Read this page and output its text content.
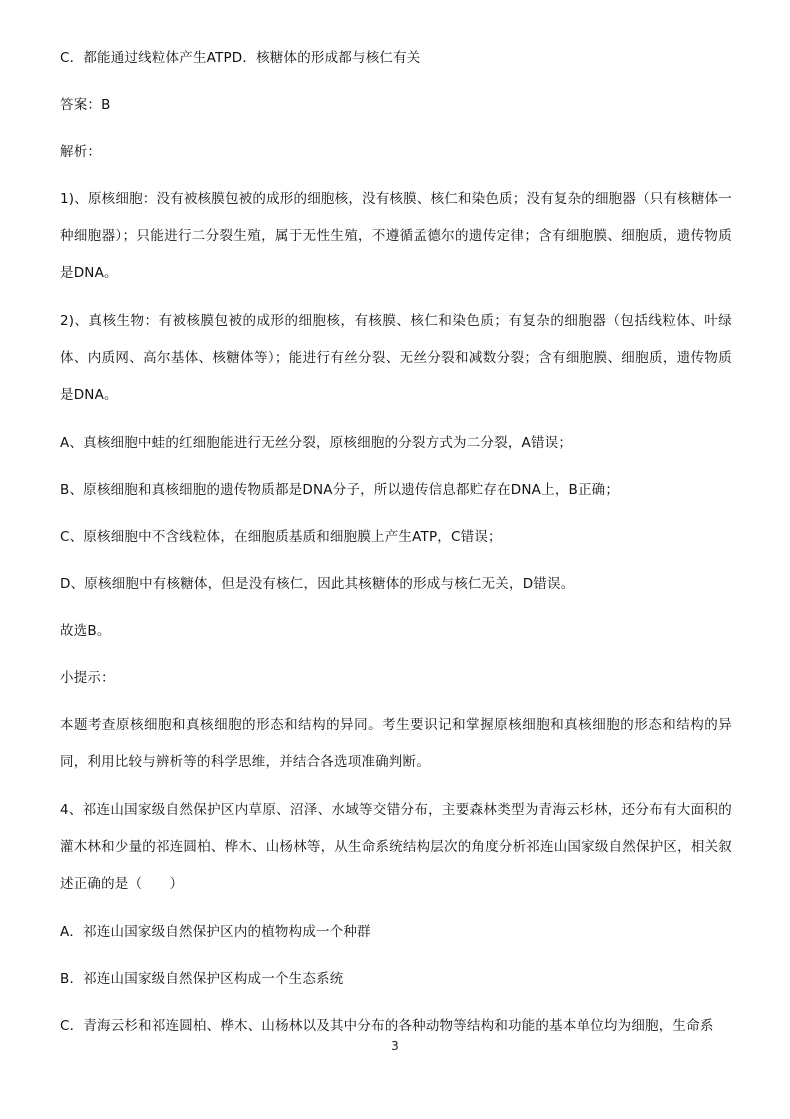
C．都能通过线粒体产生ATPD．核糖体的形成都与核仁有关

答案：B

解析：

1)、原核细胞：没有被核膜包被的成形的细胞核，没有核膜、核仁和染色质；没有复杂的细胞器（只有核糖体一种细胞器）；只能进行二分裂生殖，属于无性生殖，不遵循孟德尔的遗传定律；含有细胞膜、细胞质，遗传物质是DNA。

2)、真核生物：有被核膜包被的成形的细胞核，有核膜、核仁和染色质；有复杂的细胞器（包括线粒体、叶绿体、内质网、高尔基体、核糖体等）；能进行有丝分裂、无丝分裂和减数分裂；含有细胞膜、细胞质，遗传物质是DNA。

A、真核细胞中蛙的红细胞能进行无丝分裂，原核细胞的分裂方式为二分裂，A错误；

B、原核细胞和真核细胞的遗传物质都是DNA分子，所以遗传信息都贮存在DNA上，B正确；

C、原核细胞中不含线粒体，在细胞质基质和细胞膜上产生ATP，C错误；

D、原核细胞中有核糖体，但是没有核仁，因此其核糖体的形成与核仁无关，D错误。

故选B。

小提示：

本题考查原核细胞和真核细胞的形态和结构的异同。考生要识记和掌握原核细胞和真核细胞的形态和结构的异同，利用比较与辨析等的科学思维，并结合各选项准确判断。

4、祁连山国家级自然保护区内草原、沼泽、水域等交错分布，主要森林类型为青海云杉林，还分布有大面积的灌木林和少量的祁连圆柏、桦木、山杨林等，从生命系统结构层次的角度分析祁连山国家级自然保护区，相关叙述正确的是（　　）

A．祁连山国家级自然保护区内的植物构成一个种群

B．祁连山国家级自然保护区构成一个生态系统

C．青海云杉和祁连圆柏、桦木、山杨林以及其中分布的各种动物等结构和功能的基本单位均为细胞，生命系

3
